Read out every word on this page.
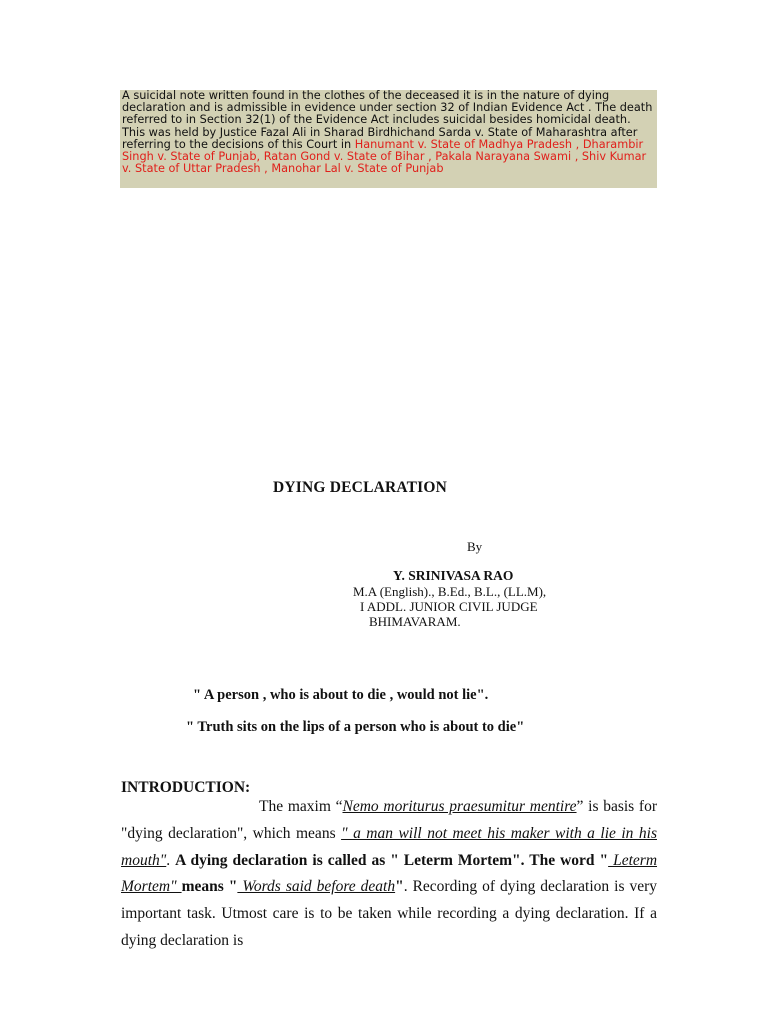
A suicidal note written found in the clothes of the deceased it is in the nature of dying declaration and is admissible in evidence under section 32 of Indian Evidence Act . The death referred to in Section 32(1) of the Evidence Act includes suicidal besides homicidal death. This was held by Justice Fazal Ali in Sharad Birdhichand Sarda v. State of Maharashtra after referring to the decisions of this Court in Hanumant v. State of Madhya Pradesh , Dharambir Singh v. State of Punjab, Ratan Gond v. State of Bihar , Pakala Narayana Swami , Shiv Kumar v. State of Uttar Pradesh , Manohar Lal v. State of Punjab
DYING DECLARATION
By
Y. SRINIVASA RAO
M.A (English)., B.Ed., B.L., (LL.M),
I ADDL. JUNIOR CIVIL JUDGE
BHIMAVARAM.
" A person , who is about to die , would not lie".
" Truth sits on the lips of a person who is about to die"
INTRODUCTION:
The maxim “Nemo moriturus praesumitur mentire” is basis for "dying declaration", which means " a man will not meet his maker with a lie in his mouth". A dying declaration is called as " Leterm Mortem". The word " Leterm Mortem" means " Words said before death". Recording of dying declaration is very important task. Utmost care is to be taken while recording a dying declaration. If a dying declaration is
